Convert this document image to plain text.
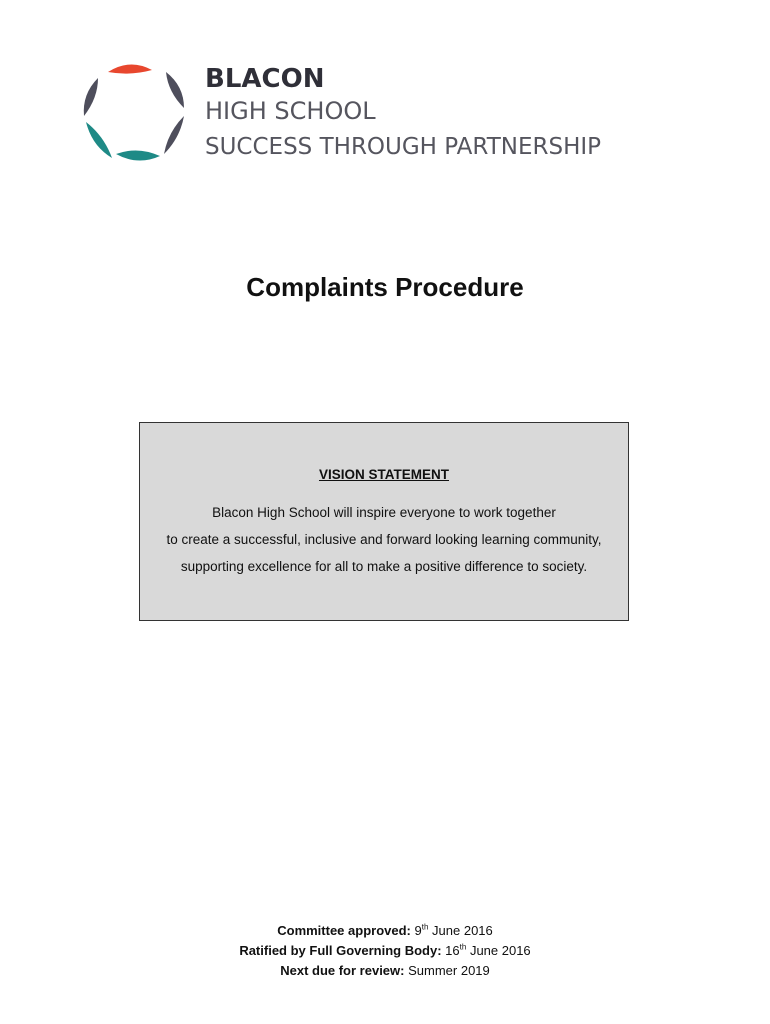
BLACON
HIGH SCHOOL
SUCCESS THROUGH PARTNERSHIP
Complaints Procedure
VISION STATEMENT
Blacon High School will inspire everyone to work together
to create a successful, inclusive and forward looking learning community,
supporting excellence for all to make a positive difference to society.
Committee approved: 9th June 2016
Ratified by Full Governing Body: 16th June 2016
Next due for review: Summer 2019
